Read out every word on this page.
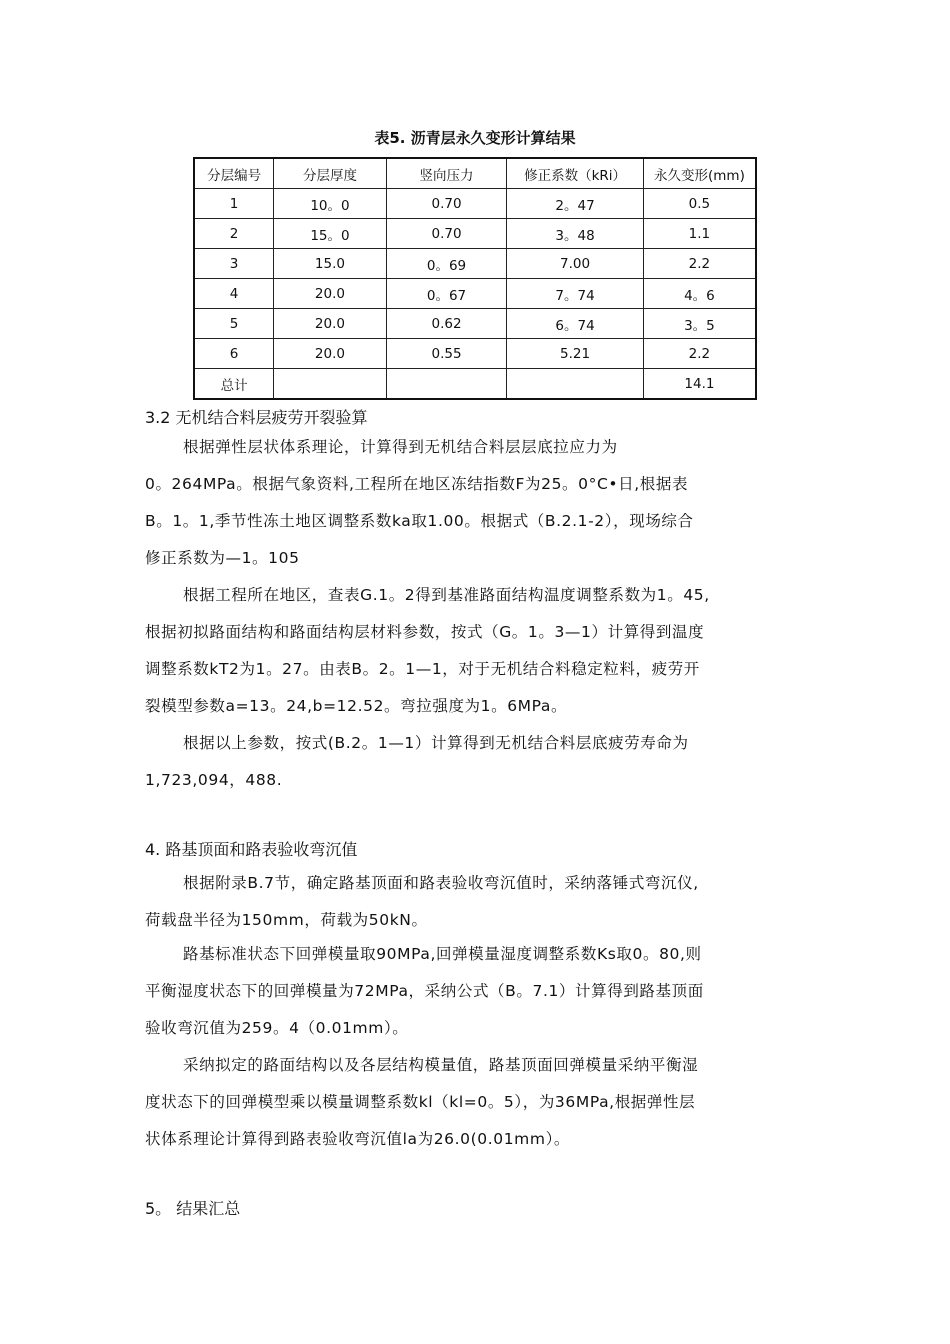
表5. 沥青层永久变形计算结果
分层编号	分层厚度	竖向压力	修正系数（kRi）	永久变形(mm)
1	10。0	0.70	2。47	0.5
2	15。0	0.70	3。48	1.1
3	15.0	0。69	7.00	2.2
4	20.0	0。67	7。74	4。6
5	20.0	0.62	6。74	3。5
6	20.0	0.55	5.21	2.2
总计				14.1
3.2 无机结合料层疲劳开裂验算
根据弹性层状体系理论，计算得到无机结合料层层底拉应力为
0。264MPa。根据气象资料,工程所在地区冻结指数F为25。0°C•日,根据表
B。1。1,季节性冻土地区调整系数ka取1.00。根据式（B.2.1-2），现场综合
修正系数为—1。105
根据工程所在地区，查表G.1。2得到基准路面结构温度调整系数为1。45,
根据初拟路面结构和路面结构层材料参数，按式（G。1。3—1）计算得到温度
调整系数kT2为1。27。由表B。2。1—1，对于无机结合料稳定粒料，疲劳开
裂模型参数a=13。24,b=12.52。弯拉强度为1。6MPa。
根据以上参数，按式(B.2。1—1）计算得到无机结合料层底疲劳寿命为
1,723,094，488.
4. 路基顶面和路表验收弯沉值
根据附录B.7节，确定路基顶面和路表验收弯沉值时，采纳落锤式弯沉仪,
荷载盘半径为150mm，荷载为50kN。
路基标准状态下回弹模量取90MPa,回弹模量湿度调整系数Ks取0。80,则
平衡湿度状态下的回弹模量为72MPa，采纳公式（B。7.1）计算得到路基顶面
验收弯沉值为259。4（0.01mm）。
采纳拟定的路面结构以及各层结构模量值，路基顶面回弹模量采纳平衡湿
度状态下的回弹模型乘以模量调整系数kl（kl=0。5），为36MPa,根据弹性层
状体系理论计算得到路表验收弯沉值la为26.0(0.01mm）。
5。 结果汇总
